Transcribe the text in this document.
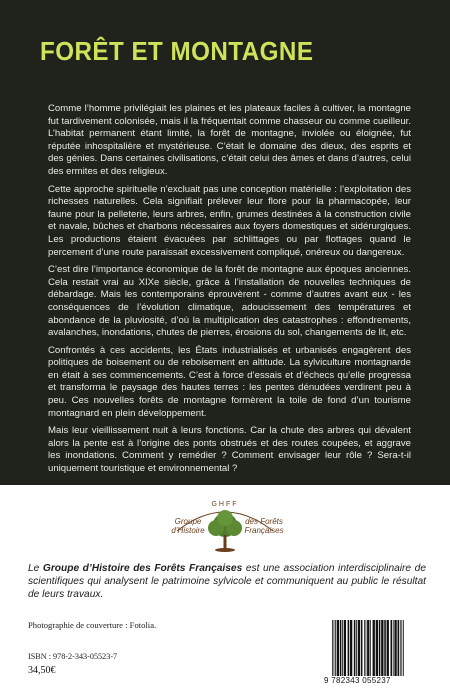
FORÊT ET MONTAGNE

Comme l’homme privilégiait les plaines et les plateaux faciles à cultiver, la montagne fut tardivement colonisée, mais il la fréquentait comme chasseur ou comme cueilleur. L’habitat permanent étant limité, la forêt de montagne, inviolée ou éloignée, fut réputée inhospitalière et mystérieuse. C’était le domaine des dieux, des esprits et des génies. Dans certaines civilisations, c’était celui des âmes et dans d’autres, celui des ermites et des religieux.

Cette approche spirituelle n’excluait pas une conception matérielle : l’exploitation des richesses naturelles. Cela signifiait prélever leur flore pour la pharmacopée, leur faune pour la pelleterie, leurs arbres, enfin, grumes destinées à la construction civile et navale, bûches et charbons nécessaires aux foyers domestiques et sidérurgiques. Les productions étaient évacuées par schlittages ou par flottages quand le percement d’une route paraissait excessivement compliqué, onéreux ou dangereux.

C’est dire l’importance économique de la forêt de montagne aux époques anciennes. Cela restait vrai au XIXe siècle, grâce à l’installation de nouvelles techniques de débardage. Mais les contemporains éprouvèrent - comme d’autres avant eux - les conséquences de l’évolution climatique, adoucissement des températures et abondance de la pluviosité, d’où la multiplication des catastrophes : effondrements, avalanches, inondations, chutes de pierres, érosions du sol, changements de lit, etc.

Confrontés à ces accidents, les États industrialisés et urbanisés engagèrent des politiques de boisement ou de reboisement en altitude. La sylviculture montagnarde en était à ses commencements. C’est à force d’essais et d’échecs qu’elle progressa et transforma le paysage des hautes terres : les pentes dénudées verdirent peu à peu. Ces nouvelles forêts de montagne formèrent la toile de fond d’un tourisme montagnard en plein développement.

Mais leur vieillissement nuit à leurs fonctions. Car la chute des arbres qui dévalent alors la pente est à l’origine des ponts obstrués et des routes coupées, et aggrave les inondations. Comment y remédier ? Comment envisager leur rôle ? Sera-t-il uniquement touristique et environnemental ?

GHFF
Groupe d’Histoire
des Forêts Françaises
Le Groupe d’Histoire des Forêts Françaises est une association interdisciplinaire de scientifiques qui analysent le patrimoine sylvicole et communiquent au public le résultat de leurs travaux.
Photographie de couverture : Fotolia.
ISBN : 978-2-343-05523-7
34,50€
9 782343 055237
